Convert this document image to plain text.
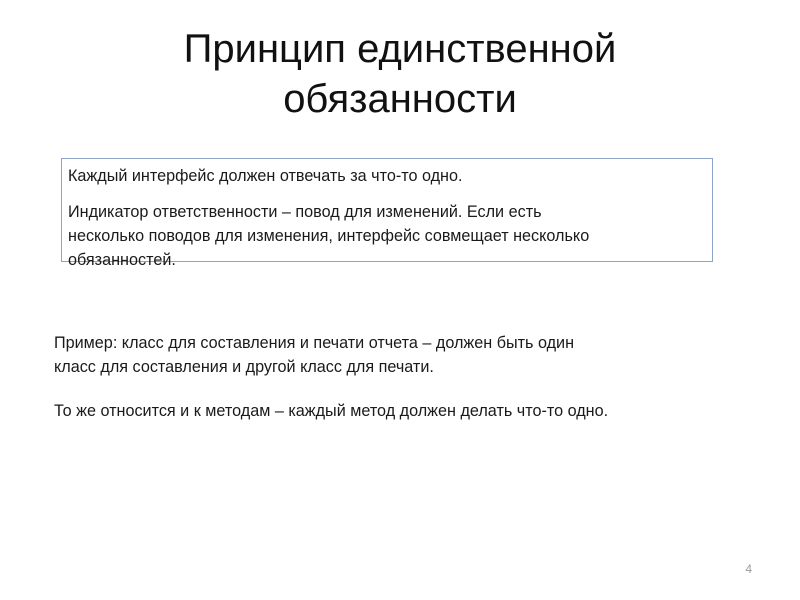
Принцип единственной
обязанности

Каждый интерфейс должен отвечать за что-то одно.

Индикатор ответственности – повод для изменений. Если есть

несколько поводов для изменения, интерфейс совмещает несколько

обязанностей.

Пример: класс для составления и печати отчета – должен быть один

класс для составления и другой класс для печати.

То же относится и к методам – каждый метод должен делать что-то одно.

4
